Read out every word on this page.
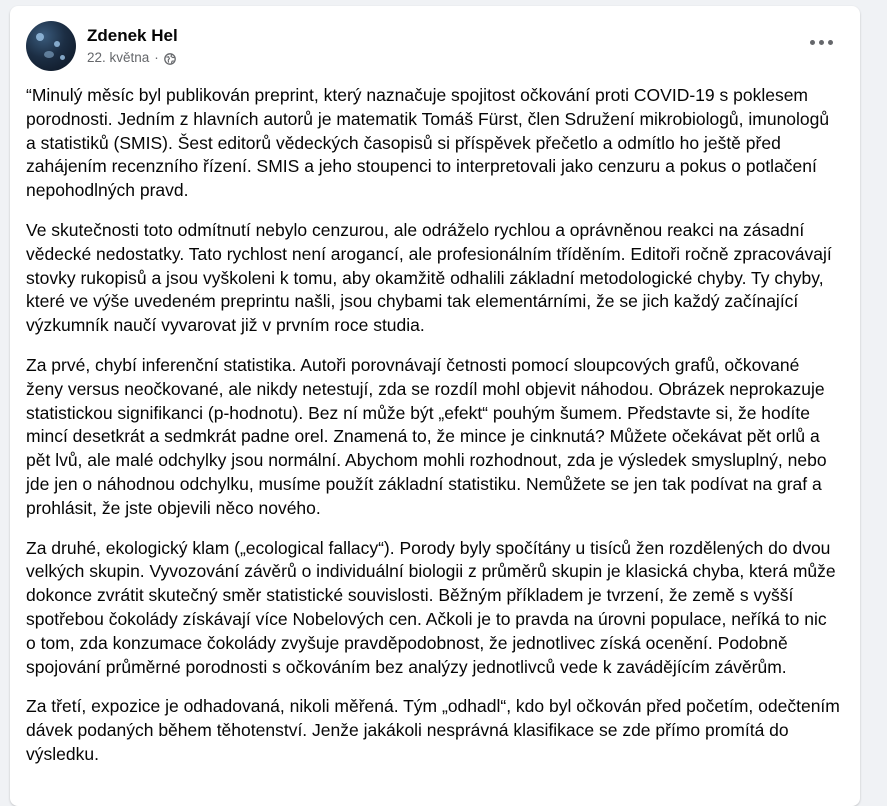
Zdenek Hel
22. května ·

“Minulý měsíc byl publikován preprint, který naznačuje spojitost očkování proti COVID-19 s poklesem porodnosti. Jedním z hlavních autorů je matematik Tomáš Fürst, člen Sdružení mikrobiologů, imunologů a statistiků (SMIS). Šest editorů vědeckých časopisů si příspěvek přečetlo a odmítlo ho ještě před zahájením recenzního řízení. SMIS a jeho stoupenci to interpretovali jako cenzuru a pokus o potlačení nepohodlných pravd.

Ve skutečnosti toto odmítnutí nebylo cenzurou, ale odráželo rychlou a oprávněnou reakci na zásadní vědecké nedostatky. Tato rychlost není arogancí, ale profesionálním tříděním. Editoři ročně zpracovávají stovky rukopisů a jsou vyškoleni k tomu, aby okamžitě odhalili základní metodologické chyby. Ty chyby, které ve výše uvedeném preprintu našli, jsou chybami tak elementárními, že se jich každý začínající výzkumník naučí vyvarovat již v prvním roce studia.

Za prvé, chybí inferenční statistika. Autoři porovnávají četnosti pomocí sloupcových grafů, očkované ženy versus neočkované, ale nikdy netestují, zda se rozdíl mohl objevit náhodou. Obrázek neprokazuje statistickou signifikanci (p-hodnotu). Bez ní může být „efekt“ pouhým šumem. Představte si, že hodíte mincí desetkrát a sedmkrát padne orel. Znamená to, že mince je cinknutá? Můžete očekávat pět orlů a pět lvů, ale malé odchylky jsou normální. Abychom mohli rozhodnout, zda je výsledek smysluplný, nebo jde jen o náhodnou odchylku, musíme použít základní statistiku. Nemůžete se jen tak podívat na graf a prohlásit, že jste objevili něco nového.

Za druhé, ekologický klam („ecological fallacy“). Porody byly spočítány u tisíců žen rozdělených do dvou velkých skupin. Vyvozování závěrů o individuální biologii z průměrů skupin je klasická chyba, která může dokonce zvrátit skutečný směr statistické souvislosti. Běžným příkladem je tvrzení, že země s vyšší spotřebou čokolády získávají více Nobelových cen. Ačkoli je to pravda na úrovni populace, neříká to nic o tom, zda konzumace čokolády zvyšuje pravděpodobnost, že jednotlivec získá ocenění. Podobně spojování průměrné porodnosti s očkováním bez analýzy jednotlivců vede k zavádějícím závěrům.

Za třetí, expozice je odhadovaná, nikoli měřená. Tým „odhadl“, kdo byl očkován před početím, odečtením dávek podaných během těhotenství. Jenže jakákoli nesprávná klasifikace se zde přímo promítá do výsledku.
